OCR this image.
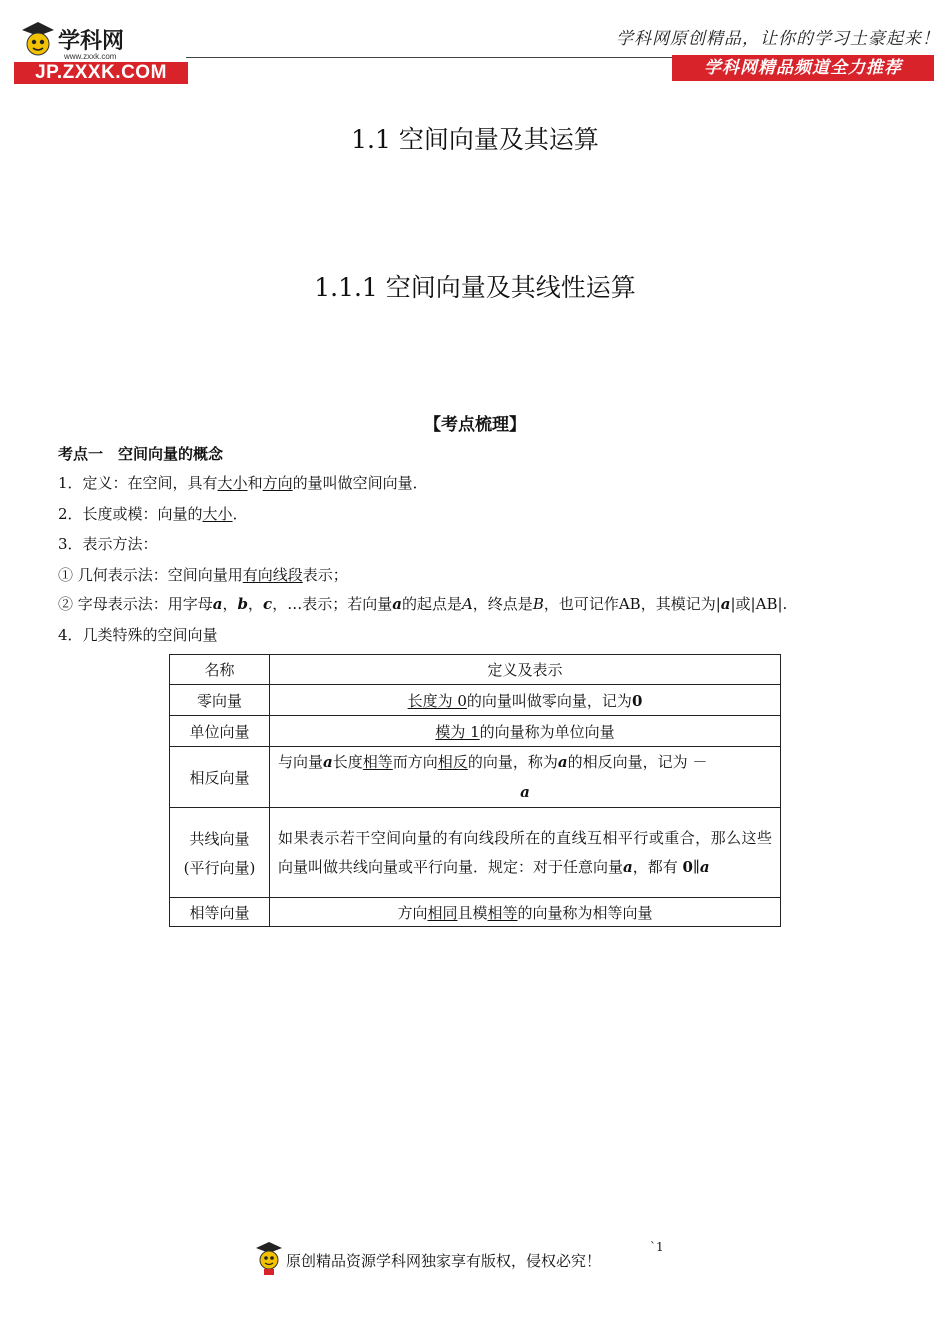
学科网
www.zxxk.com
JP.ZXXK.COM
学科网原创精品，让你的学习土豪起来！
学科网精品频道全力推荐
1.1 空间向量及其运算
1.1.1 空间向量及其线性运算
【考点梳理】
考点一　空间向量的概念
1．定义：在空间，具有大小和方向的量叫做空间向量．
2．长度或模：向量的大小．
3．表示方法：
① 几何表示法：空间向量用有向线段表示；
② 字母表示法：用字母a，b，c，…表示；若向量a的起点是A，终点是B，也可记作AB，其模记为|a|或|AB|.
4．几类特殊的空间向量
名称	定义及表示
零向量	长度为 0的向量叫做零向量，记为0
单位向量	模为 1的向量称为单位向量
相反向量	与向量a长度相等而方向相反的向量，称为a的相反向量，记为 －

a

共线向量
(平行向量)	如果表示若干空间向量的有向线段所在的直线互相平行或重合，那么这些向量叫做共线向量或平行向量．规定：对于任意向量a，都有 0∥a

相等向量	方向相同且模相等的向量称为相等向量
原创精品资源学科网独家享有版权，侵权必究！
`1
